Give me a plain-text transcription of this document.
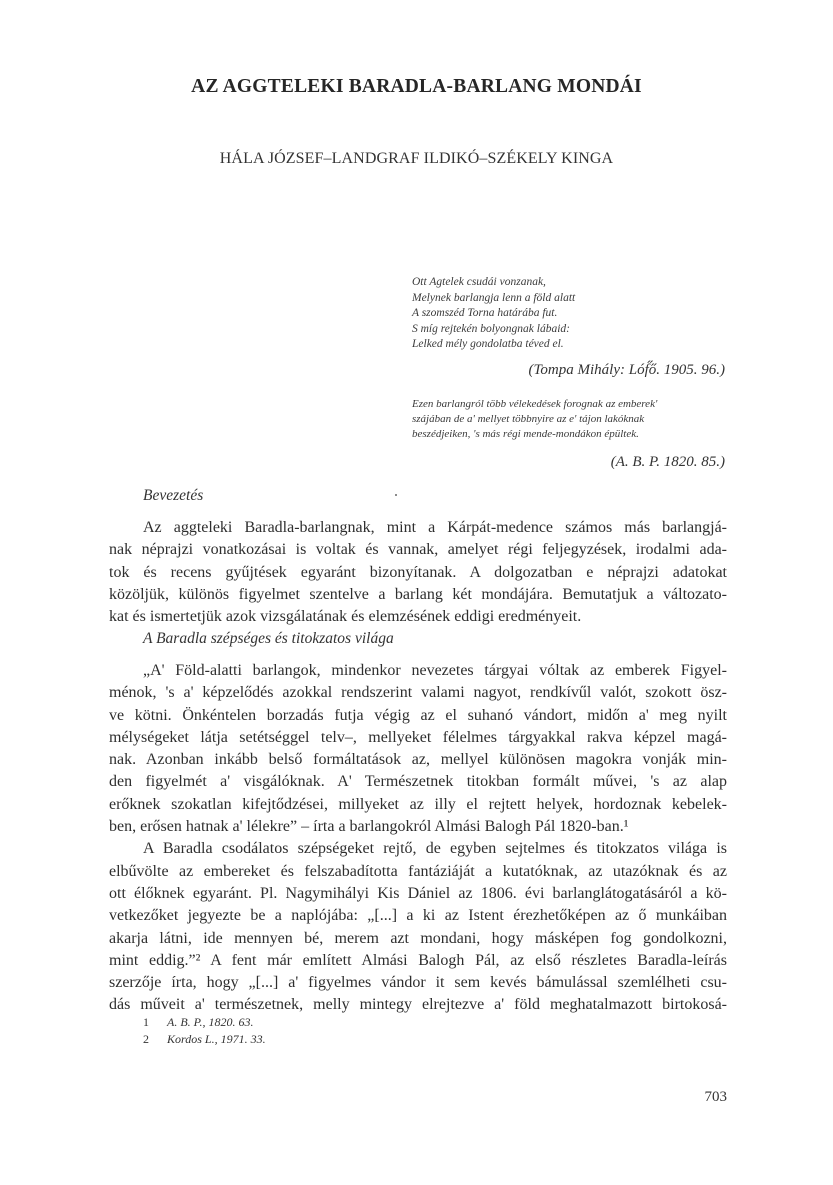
AZ AGGTELEKI BARADLA-BARLANG MONDÁI
HÁLA JÓZSEF–LANDGRAF ILDIKÓ–SZÉKELY KINGA
Ott Agtelek csudái vonzanak,
Melynek barlangja lenn a föld alatt
A szomszéd Torna határába fut.
S míg rejtekén bolyongnak lábaid:
Lelked mély gondolatba téved el.
(Tompa Mihály: Lóf̋ő. 1905. 96.)
Ezen barlangról több vélekedések forognak az emberek'
szájában de a' mellyet többnyire az e' tájon lakóknak
beszédjeiken, 's más régi mende-mondákon épültek.
(A. B. P. 1820. 85.)
Bevezetés
Az aggteleki Baradla-barlangnak, mint a Kárpát-medence számos más barlangjá-
nak néprajzi vonatkozásai is voltak és vannak, amelyet régi feljegyzések, irodalmi ada-
tok és recens gyűjtések egyaránt bizonyítanak. A dolgozatban e néprajzi adatokat
közöljük, különös figyelmet szentelve a barlang két mondájára. Bemutatjuk a változato-
kat és ismertetjük azok vizsgálatának és elemzésének eddigi eredményeit.
A Baradla szépséges és titokzatos világa
„A' Föld-alatti barlangok, mindenkor nevezetes tárgyai vóltak az emberek Figyel-
ménok, 's a' képzelődés azokkal rendszerint valami nagyot, rendkívűl valót, szokott ösz-
ve kötni. Önkéntelen borzadás futja végig az el suhanó vándort, midőn a' meg nyilt
mélységeket látja setétséggel telv–, mellyeket félelmes tárgyakkal rakva képzel magá-
nak. Azonban inkább belső formáltatások az, mellyel különösen magokra vonják min-
den figyelmét a' visgálóknak. A' Természetnek titokban formált művei, 's az alap
erőknek szokatlan kifejtődzései, millyeket az illy el rejtett helyek, hordoznak kebelek-
ben, erősen hatnak a' lélekre” – írta a barlangokról Almási Balogh Pál 1820-ban.¹
A Baradla csodálatos szépségeket rejtő, de egyben sejtelmes és titokzatos világa is
elbűvölte az embereket és felszabadította fantáziáját a kutatóknak, az utazóknak és az
ott élőknek egyaránt. Pl. Nagymihályi Kis Dániel az 1806. évi barlanglátogatásáról a kö-
vetkezőket jegyezte be a naplójába: „[...] a ki az Istent érezhetőképen az ő munkáiban
akarja látni, ide mennyen bé, merem azt mondani, hogy másképen fog gondolkozni,
mint eddig.”² A fent már említett Almási Balogh Pál, az első részletes Baradla-leírás
szerzője írta, hogy „[...] a' figyelmes vándor it sem kevés bámulással szemlélheti csu-
dás műveit a' természetnek, melly mintegy elrejtezve a' föld meghatalmazott birtokosá-
1 A. B. P., 1820. 63.
2 Kordos L., 1971. 33.
703
